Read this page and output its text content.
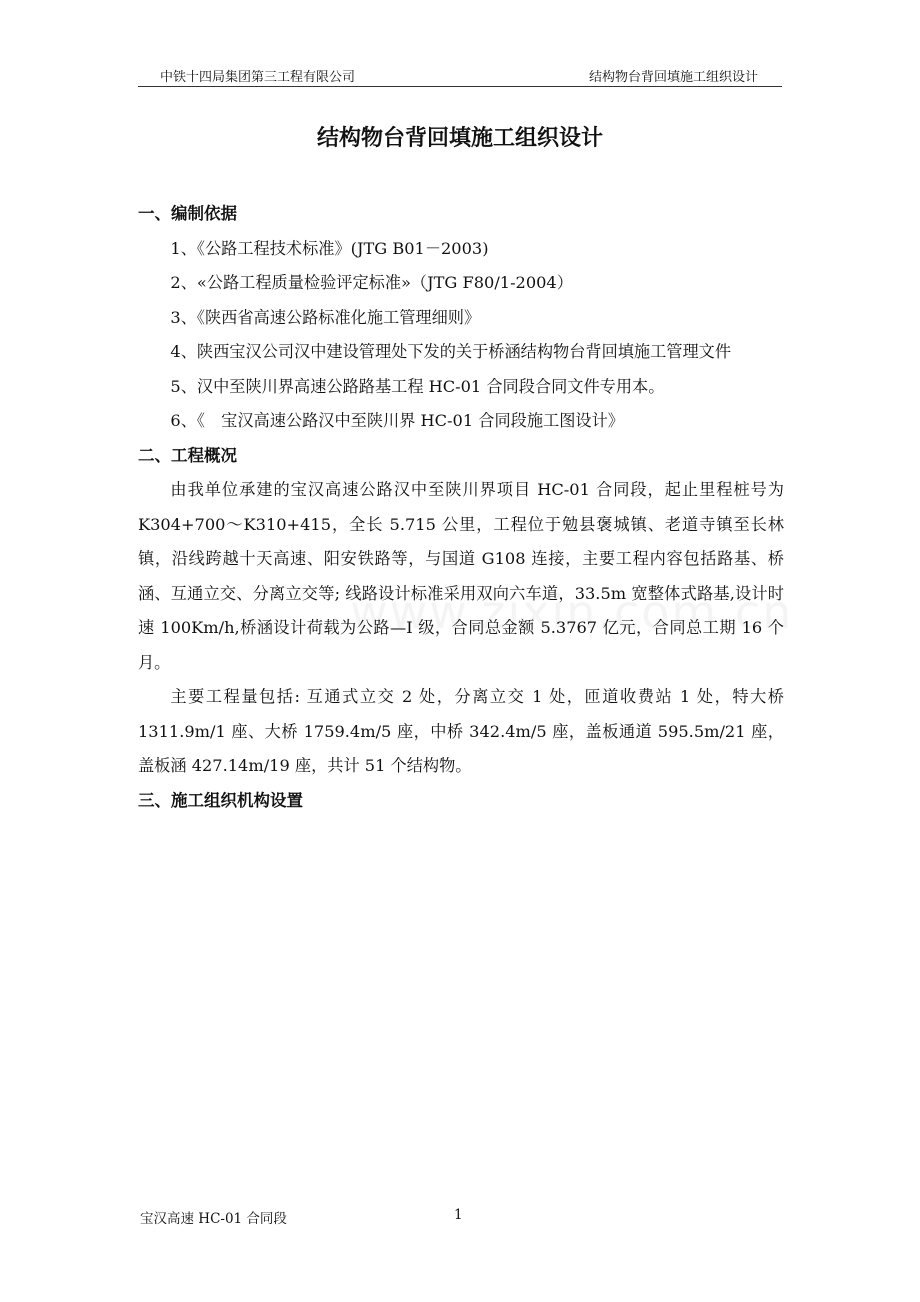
中铁十四局集团第三工程有限公司	结构物台背回填施工组织设计
结构物台背回填施工组织设计

一、编制依据

1、《公路工程技术标准》(JTG B01－2003)

2、«公路工程质量检验评定标准»（JTG F80/1-2004）

3、《陕西省高速公路标准化施工管理细则》

4、陕西宝汉公司汉中建设管理处下发的关于桥涵结构物台背回填施工管理文件

5、汉中至陕川界高速公路路基工程 HC-01 合同段合同文件专用本。

6、《　宝汉高速公路汉中至陕川界 HC-01 合同段施工图设计》

二、工程概况

由我单位承建的宝汉高速公路汉中至陕川界项目 HC-01 合同段，起止里程桩号为 K304+700～K310+415，全长 5.715 公里，工程位于勉县褒城镇、老道寺镇至长林镇，沿线跨越十天高速、阳安铁路等，与国道 G108 连接，主要工程内容包括路基、桥涵、互通立交、分离立交等; 线路设计标准采用双向六车道，33.5m 宽整体式路基,设计时速 100Km/h,桥涵设计荷载为公路—I 级，合同总金额 5.3767 亿元，合同总工期 16 个月。

主要工程量包括: 互通式立交 2 处，分离立交 1 处，匝道收费站 1 处，特大桥 1311.9m/1 座、大桥 1759.4m/5 座，中桥 342.4m/5 座，盖板通道 595.5m/21 座，盖板涵 427.14m/19 座，共计 51 个结构物。

三、施工组织机构设置

宝汉高速 HC-01 合同段	1
